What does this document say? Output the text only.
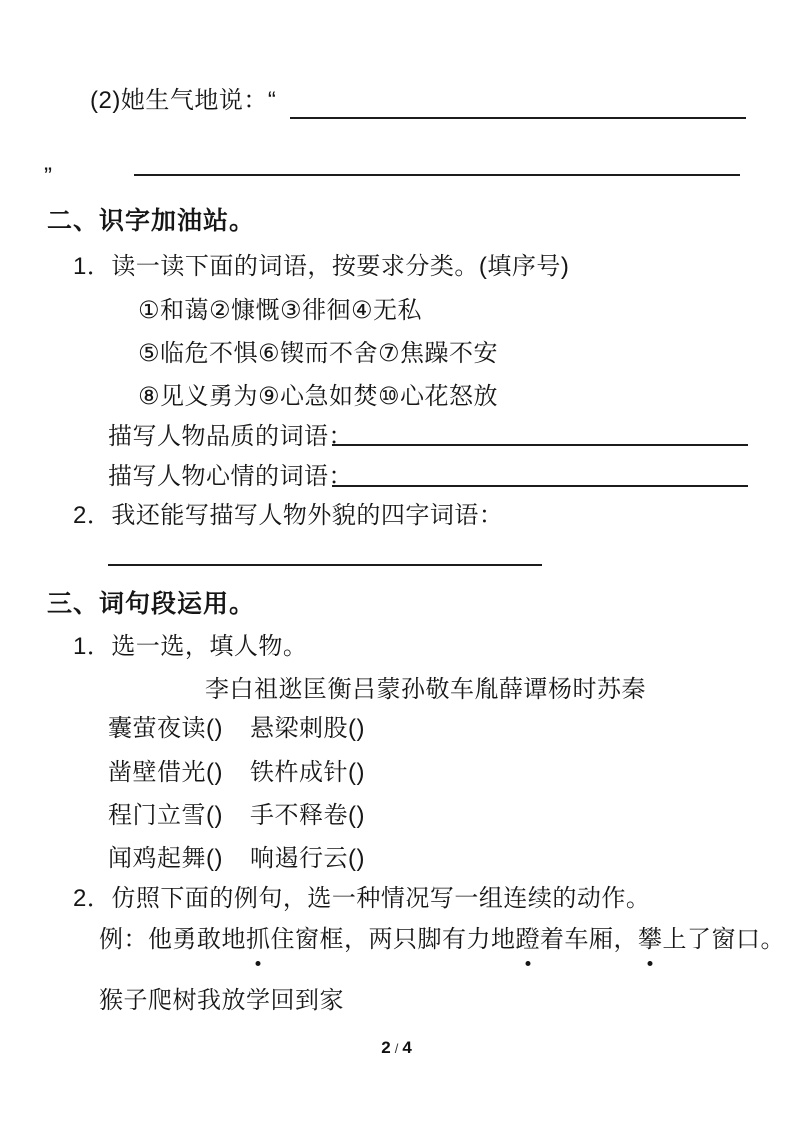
(2)她生气地说：“
”
二、识字加油站。
1．读一读下面的词语，按要求分类。(填序号)
①和蔼②慷慨③徘徊④无私
⑤临危不惧⑥锲而不舍⑦焦躁不安
⑧见义勇为⑨心急如焚⑩心花怒放
描写人物品质的词语：
描写人物心情的词语：
2．我还能写描写人物外貌的四字词语：
三、词句段运用。
1．选一选，填人物。
李白祖逖匡衡吕蒙孙敬车胤薛谭杨时苏秦
囊萤夜读() 悬梁刺股()
凿壁借光() 铁杵成针()
程门立雪() 手不释卷()
闻鸡起舞() 响遏行云()
2．仿照下面的例句，选一种情况写一组连续的动作。
例：他勇敢地抓住窗框，两只脚有力地蹬着车厢，攀上了窗口。
猴子爬树我放学回到家
2 / 4
